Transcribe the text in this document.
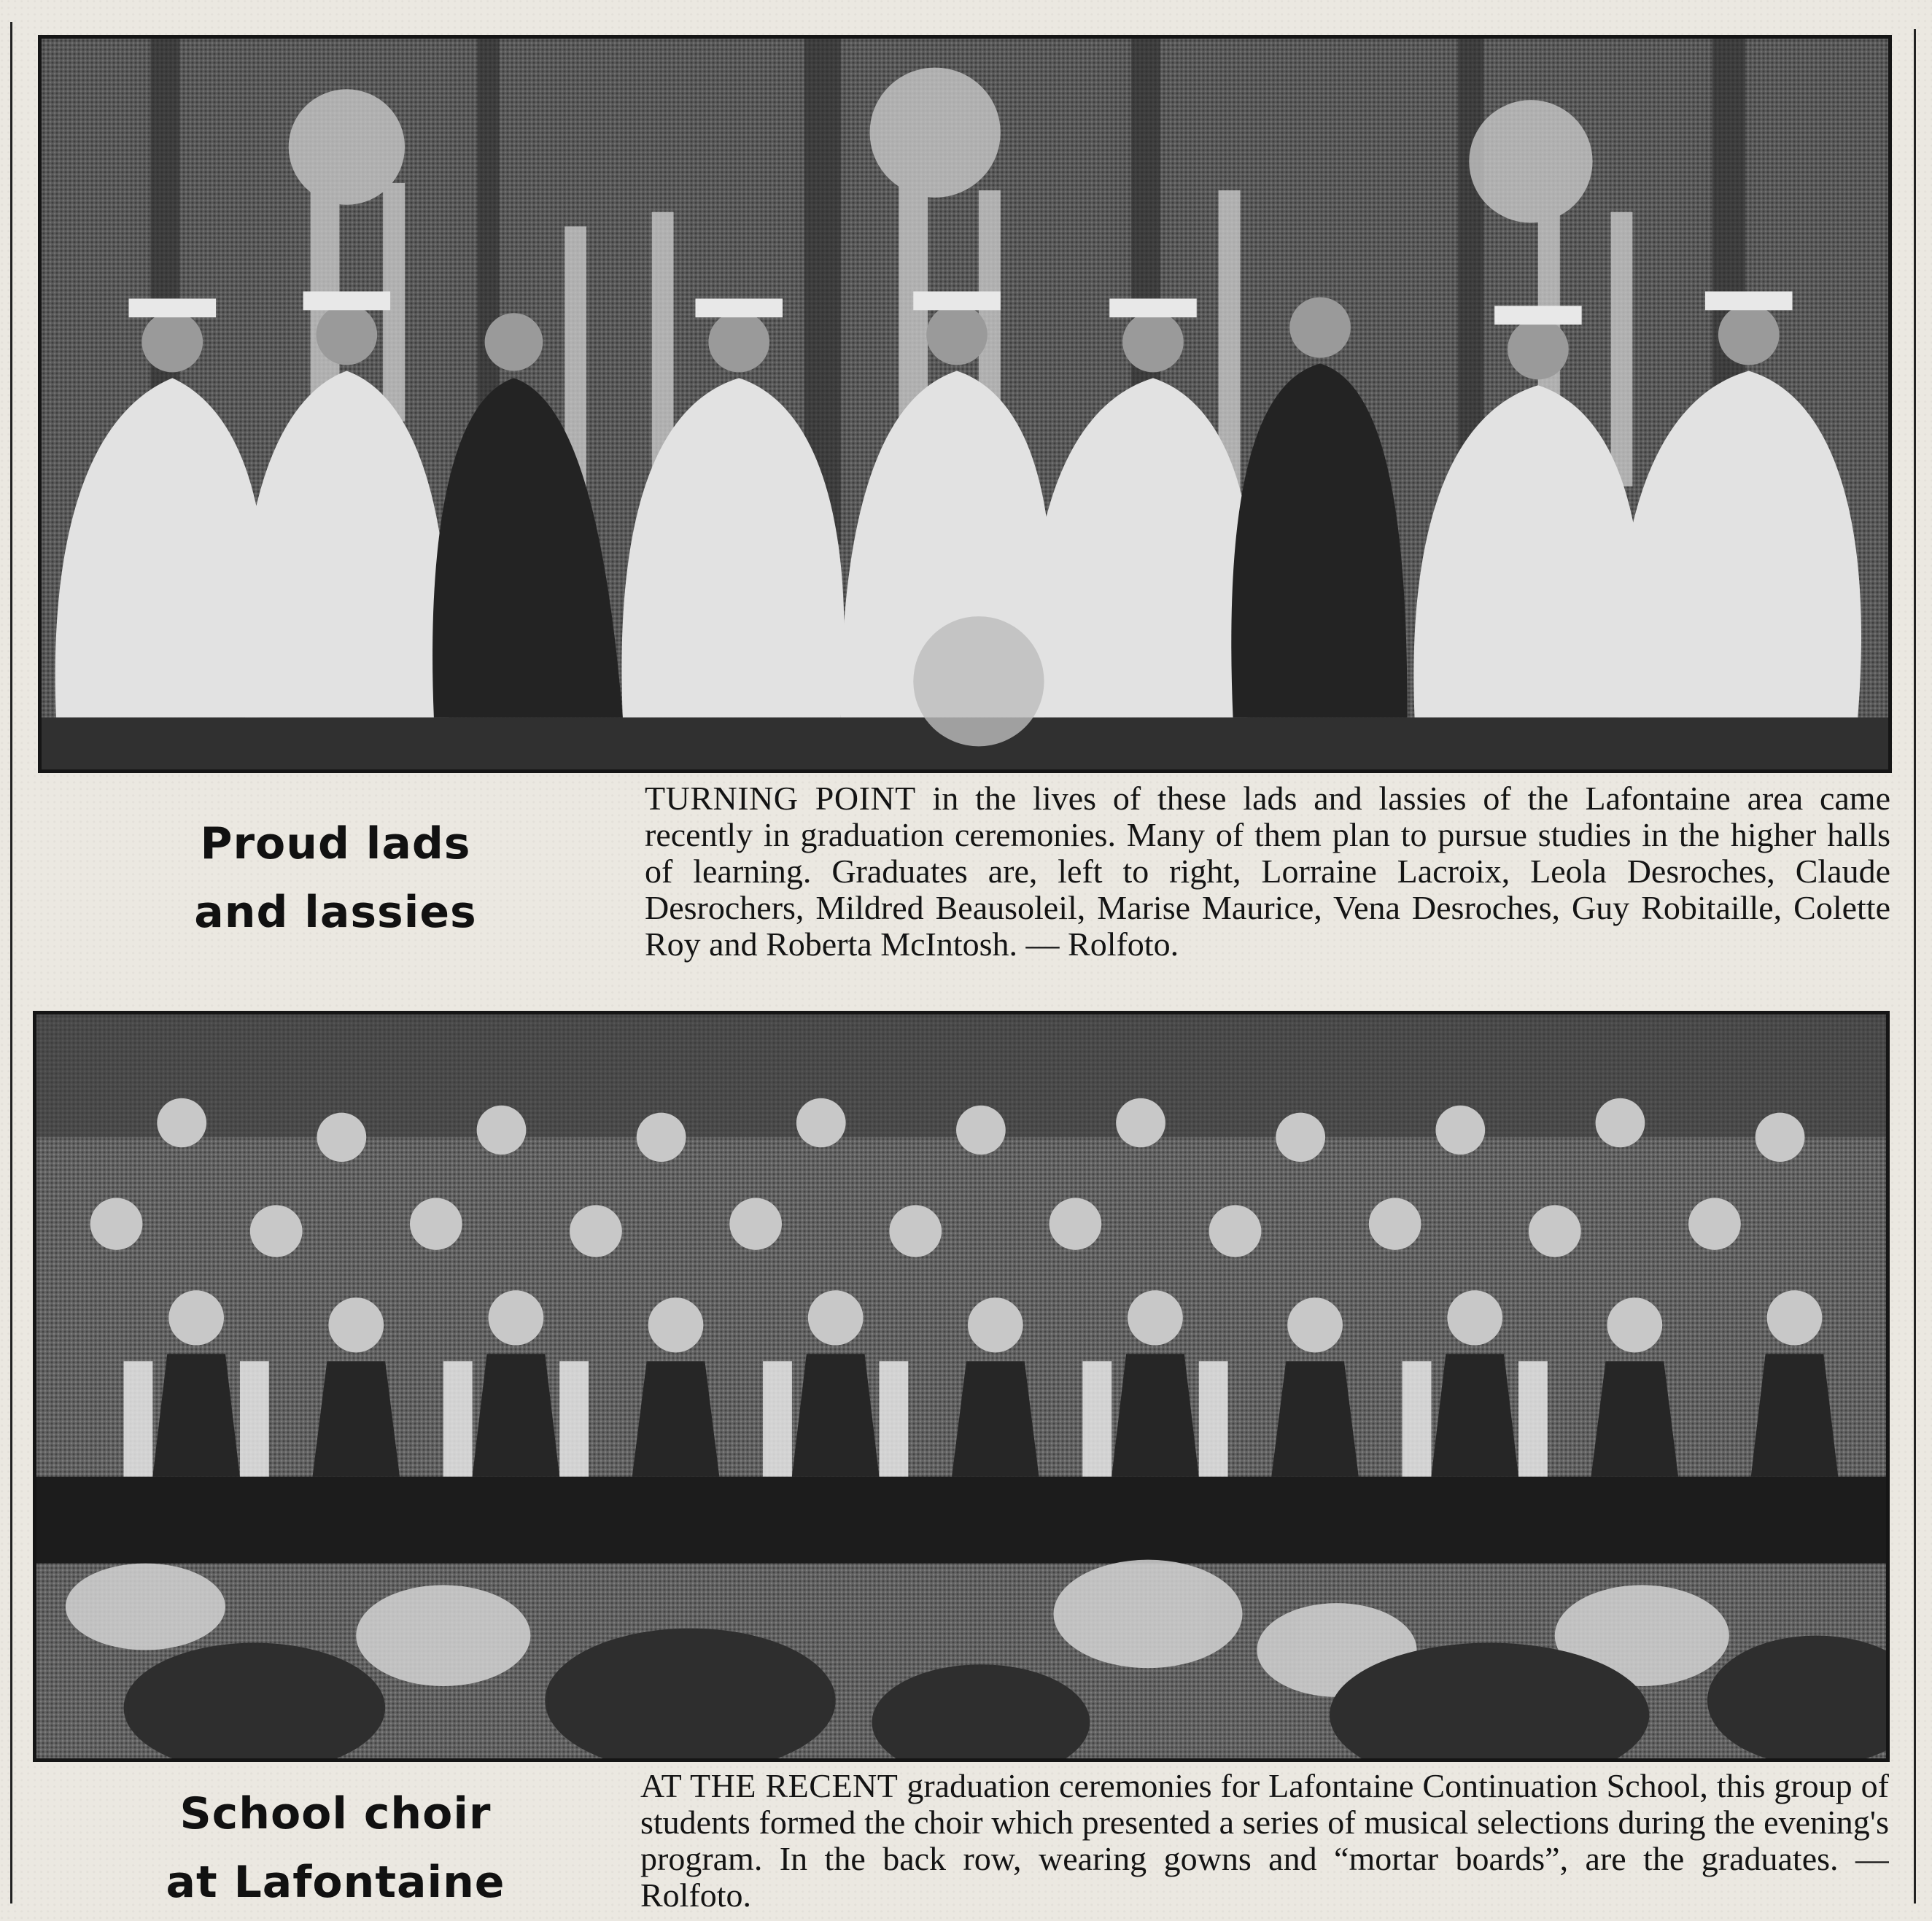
Proud lads
and lassies
TURNING POINT in the lives of these lads and lassies of the Lafontaine area came recently in graduation ceremonies. Many of them plan to pursue studies in the higher halls of learning. Graduates are, left to right, Lorraine Lacroix, Leola Desroches, Claude Desrochers, Mildred Beausoleil, Marise Maurice, Vena Desroches, Guy Robitaille, Colette Roy and Roberta McIntosh. — Rolfoto.
School choir
at Lafontaine
AT THE RECENT graduation ceremonies for Lafontaine Continuation School, this group of students formed the choir which presented a series of musical selections during the evening's program. In the back row, wearing gowns and “mortar boards”, are the graduates. — Rolfoto.
